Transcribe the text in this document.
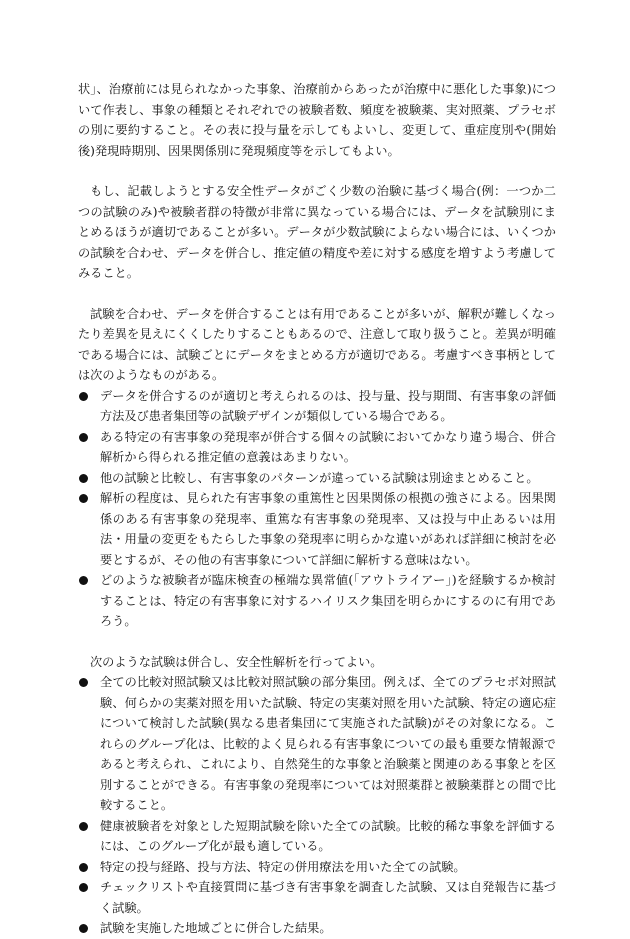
状」、治療前には見られなかった事象、治療前からあったが治療中に悪化した事象)について作表し、事象の種類とそれぞれでの被験者数、頻度を被験薬、実対照薬、プラセボの別に要約すること。その表に投与量を示してもよいし、変更して、重症度別や(開始後)発現時期別、因果関係別に発現頻度等を示してもよい。

もし、記載しようとする安全性データがごく少数の治験に基づく場合(例：一つか二つの試験のみ)や被験者群の特徴が非常に異なっている場合には、データを試験別にまとめるほうが適切であることが多い。データが少数試験によらない場合には、いくつかの試験を合わせ、データを併合し、推定値の精度や差に対する感度を増すよう考慮してみること。

試験を合わせ、データを併合することは有用であることが多いが、解釈が難しくなったり差異を見えにくくしたりすることもあるので、注意して取り扱うこと。差異が明確である場合には、試験ごとにデータをまとめる方が適切である。考慮すべき事柄としては次のようなものがある。

データを併合するのが適切と考えられるのは、投与量、投与期間、有害事象の評価方法及び患者集団等の試験デザインが類似している場合である。
ある特定の有害事象の発現率が併合する個々の試験においてかなり違う場合、併合解析から得られる推定値の意義はあまりない。
他の試験と比較し、有害事象のパターンが違っている試験は別途まとめること。
解析の程度は、見られた有害事象の重篤性と因果関係の根拠の強さによる。因果関係のある有害事象の発現率、重篤な有害事象の発現率、又は投与中止あるいは用法・用量の変更をもたらした事象の発現率に明らかな違いがあれば詳細に検討を必要とするが、その他の有害事象について詳細に解析する意味はない。
どのような被験者が臨床検査の極端な異常値(「アウトライアー」)を経験するか検討することは、特定の有害事象に対するハイリスク集団を明らかにするのに有用であろう。

次のような試験は併合し、安全性解析を行ってよい。

全ての比較対照試験又は比較対照試験の部分集団。例えば、全てのプラセボ対照試験、何らかの実薬対照を用いた試験、特定の実薬対照を用いた試験、特定の適応症について検討した試験(異なる患者集団にて実施された試験)がその対象になる。これらのグループ化は、比較的よく見られる有害事象についての最も重要な情報源であると考えられ、これにより、自然発生的な事象と治験薬と関連のある事象とを区別することができる。有害事象の発現率については対照薬群と被験薬群との間で比較すること。
健康被験者を対象とした短期試験を除いた全ての試験。比較的稀な事象を評価するには、このグループ化が最も適している。
特定の投与経路、投与方法、特定の併用療法を用いた全ての試験。
チェックリストや直接質問に基づき有害事象を調査した試験、又は自発報告に基づく試験。
試験を実施した地域ごとに併合した結果。
